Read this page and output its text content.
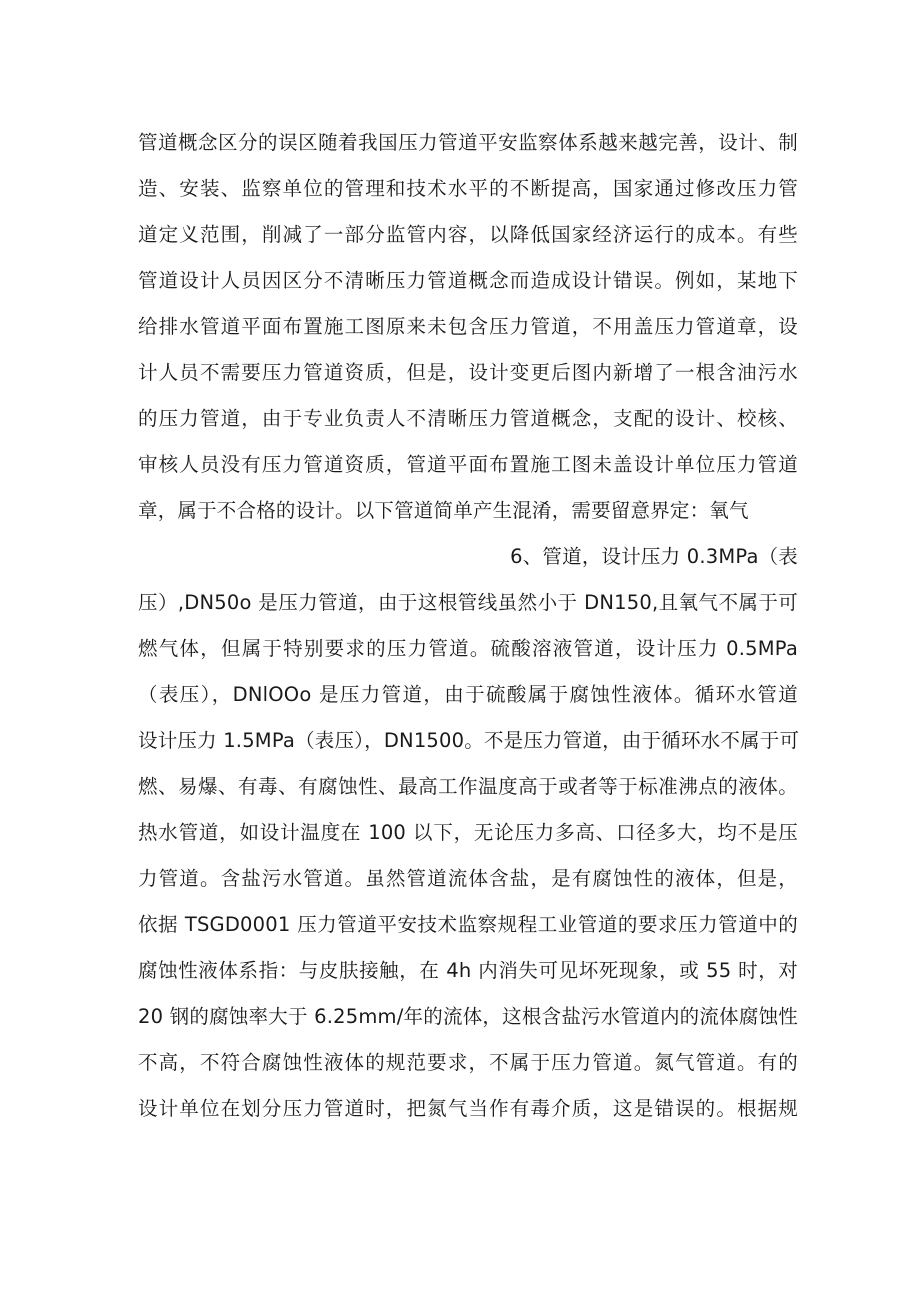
管道概念区分的误区随着我国压力管道平安监察体系越来越完善，设计、制
造、安装、监察单位的管理和技术水平的不断提高，国家通过修改压力管
道定义范围，削减了一部分监管内容，以降低国家经济运行的成本。有些
管道设计人员因区分不清晰压力管道概念而造成设计错误。例如，某地下
给排水管道平面布置施工图原来未包含压力管道，不用盖压力管道章，设
计人员不需要压力管道资质，但是，设计变更后图内新增了一根含油污水
的压力管道，由于专业负责人不清晰压力管道概念，支配的设计、校核、
审核人员没有压力管道资质，管道平面布置施工图未盖设计单位压力管道
章，属于不合格的设计。以下管道简单产生混淆，需要留意界定：氧气
6、管道，设计压力 0.3MPa（表
压）,DN50o 是压力管道，由于这根管线虽然小于 DN150,且氧气不属于可
燃气体，但属于特别要求的压力管道。硫酸溶液管道，设计压力 0.5MPa
（表压），DNlOOo 是压力管道，由于硫酸属于腐蚀性液体。循环水管道
设计压力 1.5MPa（表压），DN1500。不是压力管道，由于循环水不属于可
燃、易爆、有毒、有腐蚀性、最高工作温度高于或者等于标准沸点的液体。
热水管道，如设计温度在 100 以下，无论压力多高、口径多大，均不是压
力管道。含盐污水管道。虽然管道流体含盐，是有腐蚀性的液体，但是，
依据 TSGD0001 压力管道平安技术监察规程工业管道的要求压力管道中的
腐蚀性液体系指：与皮肤接触，在 4h 内消失可见坏死现象，或 55 时，对
20 钢的腐蚀率大于 6.25mm/年的流体，这根含盐污水管道内的流体腐蚀性
不高，不符合腐蚀性液体的规范要求，不属于压力管道。氮气管道。有的
设计单位在划分压力管道时，把氮气当作有毒介质，这是错误的。根据规
